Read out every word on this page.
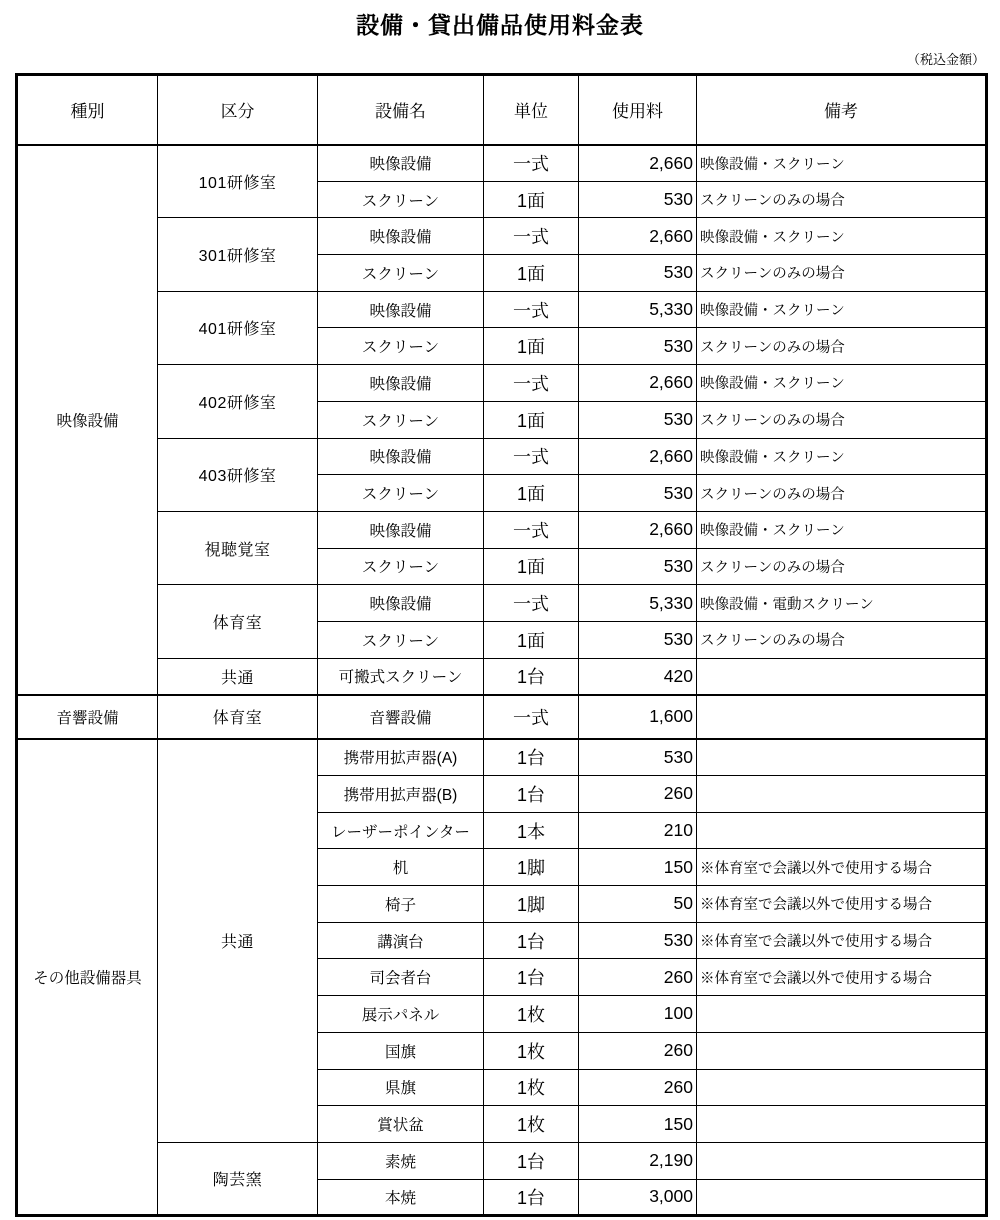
設備・貸出備品使用料金表
（税込金額）
種別	区分	設備名	単位	使用料	備考
映像設備	101研修室	映像設備	一式	2,660	映像設備・スクリーン
		スクリーン	1面	530	スクリーンのみの場合
	301研修室	映像設備	一式	2,660	映像設備・スクリーン
		スクリーン	1面	530	スクリーンのみの場合
	401研修室	映像設備	一式	5,330	映像設備・スクリーン
		スクリーン	1面	530	スクリーンのみの場合
	402研修室	映像設備	一式	2,660	映像設備・スクリーン
		スクリーン	1面	530	スクリーンのみの場合
	403研修室	映像設備	一式	2,660	映像設備・スクリーン
		スクリーン	1面	530	スクリーンのみの場合
	視聴覚室	映像設備	一式	2,660	映像設備・スクリーン
		スクリーン	1面	530	スクリーンのみの場合
	体育室	映像設備	一式	5,330	映像設備・電動スクリーン
		スクリーン	1面	530	スクリーンのみの場合
	共通	可搬式スクリーン	1台	420	
音響設備	体育室	音響設備	一式	1,600	
その他設備器具	共通	携帯用拡声器(A)	1台	530	
		携帯用拡声器(B)	1台	260	
		レーザーポインター	1本	210	
		机	1脚	150	※体育室で会議以外で使用する場合
		椅子	1脚	50	※体育室で会議以外で使用する場合
		講演台	1台	530	※体育室で会議以外で使用する場合
		司会者台	1台	260	※体育室で会議以外で使用する場合
		展示パネル	1枚	100	
		国旗	1枚	260	
		県旗	1枚	260	
		賞状盆	1枚	150	
	陶芸窯	素焼	1台	2,190	
		本焼	1台	3,000	
